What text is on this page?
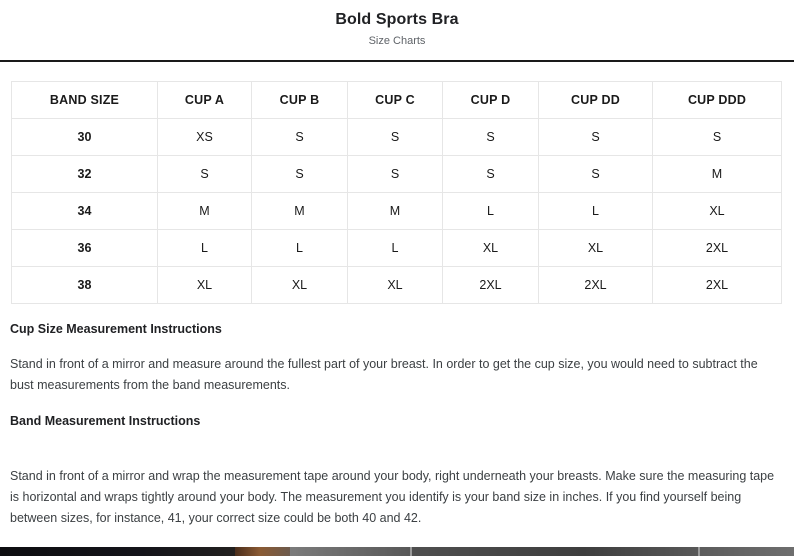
Bold Sports Bra
Size Charts
BAND SIZE	CUP A	CUP B	CUP C	CUP D	CUP DD	CUP DDD
30	XS	S	S	S	S	S
32	S	S	S	S	S	M
34	M	M	M	L	L	XL
36	L	L	L	XL	XL	2XL
38	XL	XL	XL	2XL	2XL	2XL
Cup Size Measurement Instructions
Stand in front of a mirror and measure around the fullest part of your breast. In order to get the cup size, you would need to subtract the bust measurements from the band measurements.
Band Measurement Instructions
Stand in front of a mirror and wrap the measurement tape around your body, right underneath your breasts. Make sure the measuring tape is horizontal and wraps tightly around your body. The measurement you identify is your band size in inches. If you find yourself being between sizes, for instance, 41, your correct size could be both 40 and 42.
